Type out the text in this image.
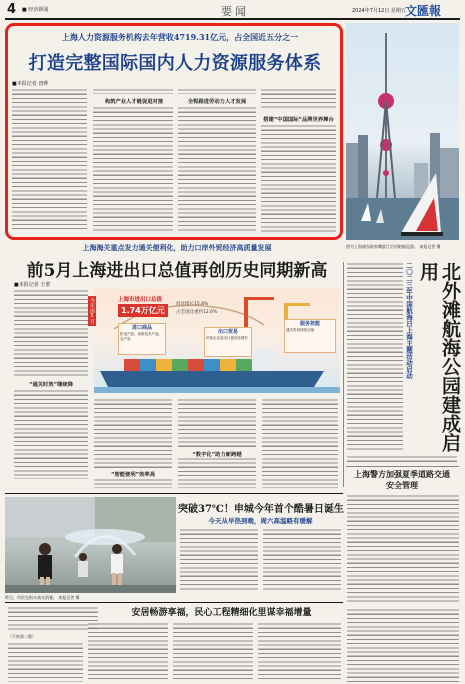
4 ■ 经济新闻	要闻	2024年7月12日 星期五 文匯報
上海人力资源服务机构去年营收4719.31亿元，占全国近五分之一
打造完整国际国内人力资源服务体系
■本报记者 唐烨
构筑产业人才链促进对接	全程跟进劳动力人才发展
搭建“中国国际”品牌世界舞台
图为上海浦东陆家嘴滨江沿岸帆船巡游。 本报记者 摄
上海海关重点发力通关便利化，助力口岸外贸经济高质量发展
前5月上海进出口总值再创历史同期新高
■本报记者 王蕾
“通关时效”继续降
“智能便利”效率高
“数字化”助力新跨越
上海市进出口总值
1.74万亿元
同比增长15.8%
占全国比重约12.6%
进口商品
机电产品、高新技术产品、农产品
出口贸易
民营企业进出口值同比增长
服务效能
通关时间持续压缩
今年前5月	二〇二三年中国航海日上海主题活动启动	北外滩航海公园建成启用
上海警方加强夏季道路交通安全管理
突破37℃！申城今年首个酷暑日诞生
今天从早热到晚，周六高温略有缓解
昨日，市民在街头戏水消暑。 本报记者 摄
（下转第二版）
安居畅游享福，民心工程精细化里谋幸福增量
